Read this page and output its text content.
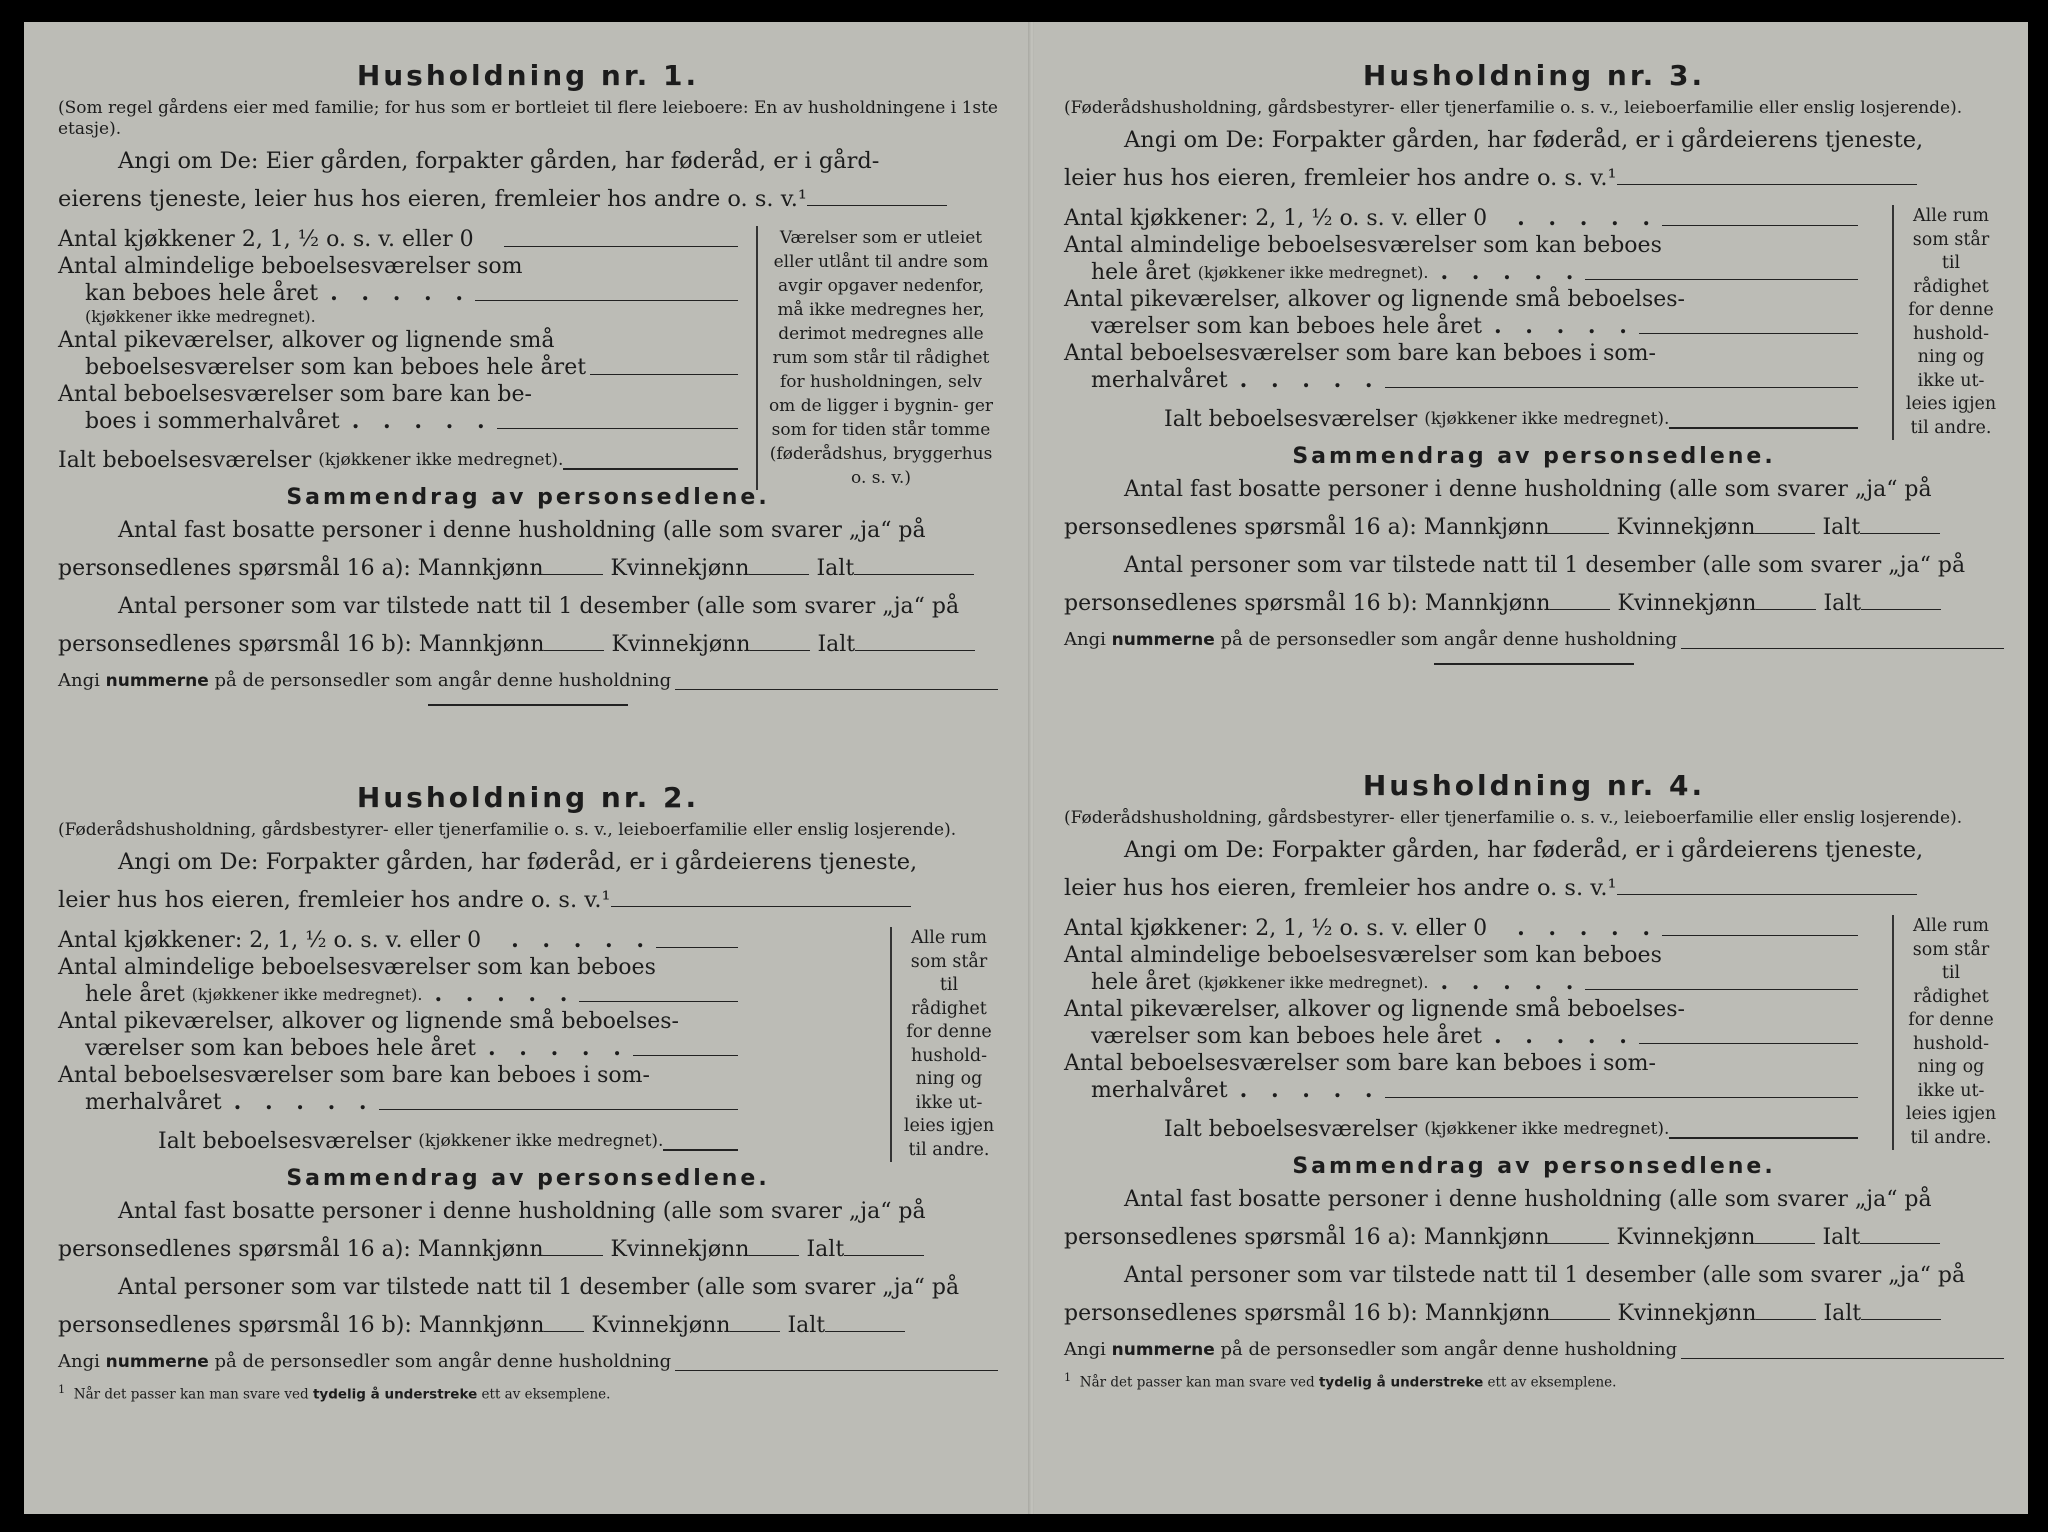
Husholdning nr. 1.
(Som regel gårdens eier med familie; for hus som er bortleiet til flere leieboere: En av husholdningene i 1ste etasje).
Angi om De: Eier gården, forpakter gården, har føderåd, er i gård-
eierens tjeneste, leier hus hos eieren, fremleier hos andre o. s. v.¹
Antal kjøkkener 2, 1, ½ o. s. v. eller 0
Antal almindelige beboelsesværelser som
kan beboes hele året . . . . .
(kjøkkener ikke medregnet).
Antal pikeværelser, alkover og lignende små
beboelsesværelser som kan beboes hele året
Antal beboelsesværelser som bare kan be-
boes i sommerhalvåret . . . . .
Ialt beboelsesværelser
(kjøkkener ikke medregnet).
Værelser som er utleiet eller utlånt til andre som avgir opgaver nedenfor, må ikke medregnes her, derimot medregnes alle rum som står til rådighet for husholdningen, selv om de ligger i bygnin- ger som for tiden står tomme (føderådshus, bryggerhus o. s. v.)
Sammendrag av personsedlene.
Antal fast bosatte personer i denne husholdning (alle som svarer „ja“ på
personsedlenes spørsmål 16 a): Mannkjønn	Kvinnekjønn	Ialt
Antal personer som var tilstede natt til 1 desember (alle som svarer „ja“ på
personsedlenes spørsmål 16 b): Mannkjønn	Kvinnekjønn	Ialt
Angi
nummerne
på de personsedler som angår denne husholdning
Husholdning nr. 2.
(Føderådshusholdning, gårdsbestyrer- eller tjenerfamilie o. s. v., leieboerfamilie eller enslig losjerende).
Angi om De: Forpakter gården, har føderåd, er i gårdeierens tjeneste,
leier hus hos eieren, fremleier hos andre o. s. v.¹
Antal kjøkkener: 2, 1, ½ o. s. v. eller 0 . . . . .
Antal almindelige beboelsesværelser som kan beboes
hele året
(kjøkkener ikke medregnet). . . . . .
Antal pikeværelser, alkover og lignende små beboelses-
værelser som kan beboes hele året . . . . .
Antal beboelsesværelser som bare kan beboes i som-
merhalvåret . . . . .
Ialt beboelsesværelser
(kjøkkener ikke medregnet).
Alle rum som står til rådighet for denne hushold- ning og ikke ut- leies igjen til andre.
Sammendrag av personsedlene.
Antal fast bosatte personer i denne husholdning (alle som svarer „ja“ på
personsedlenes spørsmål 16 a): Mannkjønn	Kvinnekjønn	Ialt
Antal personer som var tilstede natt til 1 desember (alle som svarer „ja“ på
personsedlenes spørsmål 16 b): Mannkjønn Kvinnekjønn	Ialt
Angi
nummerne
på de personsedler som angår denne husholdning
$^1$ Når det passer kan man svare ved tydelig å understreke ett av eksemplene.
Husholdning nr. 3.
(Føderådshusholdning, gårdsbestyrer- eller tjenerfamilie o. s. v., leieboerfamilie eller enslig losjerende).
Angi om De: Forpakter gården, har føderåd, er i gårdeierens tjeneste,
leier hus hos eieren, fremleier hos andre o. s. v.¹
Antal kjøkkener: 2, 1, ½ o. s. v. eller 0 . . . . .
Antal almindelige beboelsesværelser som kan beboes
hele året
(kjøkkener ikke medregnet). . . . . .
Antal pikeværelser, alkover og lignende små beboelses-
værelser som kan beboes hele året . . . . .
Antal beboelsesværelser som bare kan beboes i som-
merhalvåret . . . . .
Ialt beboelsesværelser
(kjøkkener ikke medregnet).
Alle rum som står til rådighet for denne hushold- ning og ikke ut- leies igjen til andre.
Sammendrag av personsedlene.
Antal fast bosatte personer i denne husholdning (alle som svarer „ja“ på
personsedlenes spørsmål 16 a): Mannkjønn	Kvinnekjønn	Ialt
Antal personer som var tilstede natt til 1 desember (alle som svarer „ja“ på
personsedlenes spørsmål 16 b): Mannkjønn	Kvinnekjønn	Ialt
Angi
nummerne
på de personsedler som angår denne husholdning
Husholdning nr. 4.
(Føderådshusholdning, gårdsbestyrer- eller tjenerfamilie o. s. v., leieboerfamilie eller enslig losjerende).
Angi om De: Forpakter gården, har føderåd, er i gårdeierens tjeneste,
leier hus hos eieren, fremleier hos andre o. s. v.¹
Antal kjøkkener: 2, 1, ½ o. s. v. eller 0 . . . . .
Antal almindelige beboelsesværelser som kan beboes
hele året
(kjøkkener ikke medregnet). . . . . .
Antal pikeværelser, alkover og lignende små beboelses-
værelser som kan beboes hele året . . . . .
Antal beboelsesværelser som bare kan beboes i som-
merhalvåret . . . . .
Ialt beboelsesværelser
(kjøkkener ikke medregnet).
Alle rum som står til rådighet for denne hushold- ning og ikke ut- leies igjen til andre.
Sammendrag av personsedlene.
Antal fast bosatte personer i denne husholdning (alle som svarer „ja“ på
personsedlenes spørsmål 16 a): Mannkjønn	Kvinnekjønn	Ialt
Antal personer som var tilstede natt til 1 desember (alle som svarer „ja“ på
personsedlenes spørsmål 16 b): Mannkjønn	Kvinnekjønn	Ialt
Angi
nummerne
på de personsedler som angår denne husholdning
$^1$ Når det passer kan man svare ved tydelig å understreke ett av eksemplene.
